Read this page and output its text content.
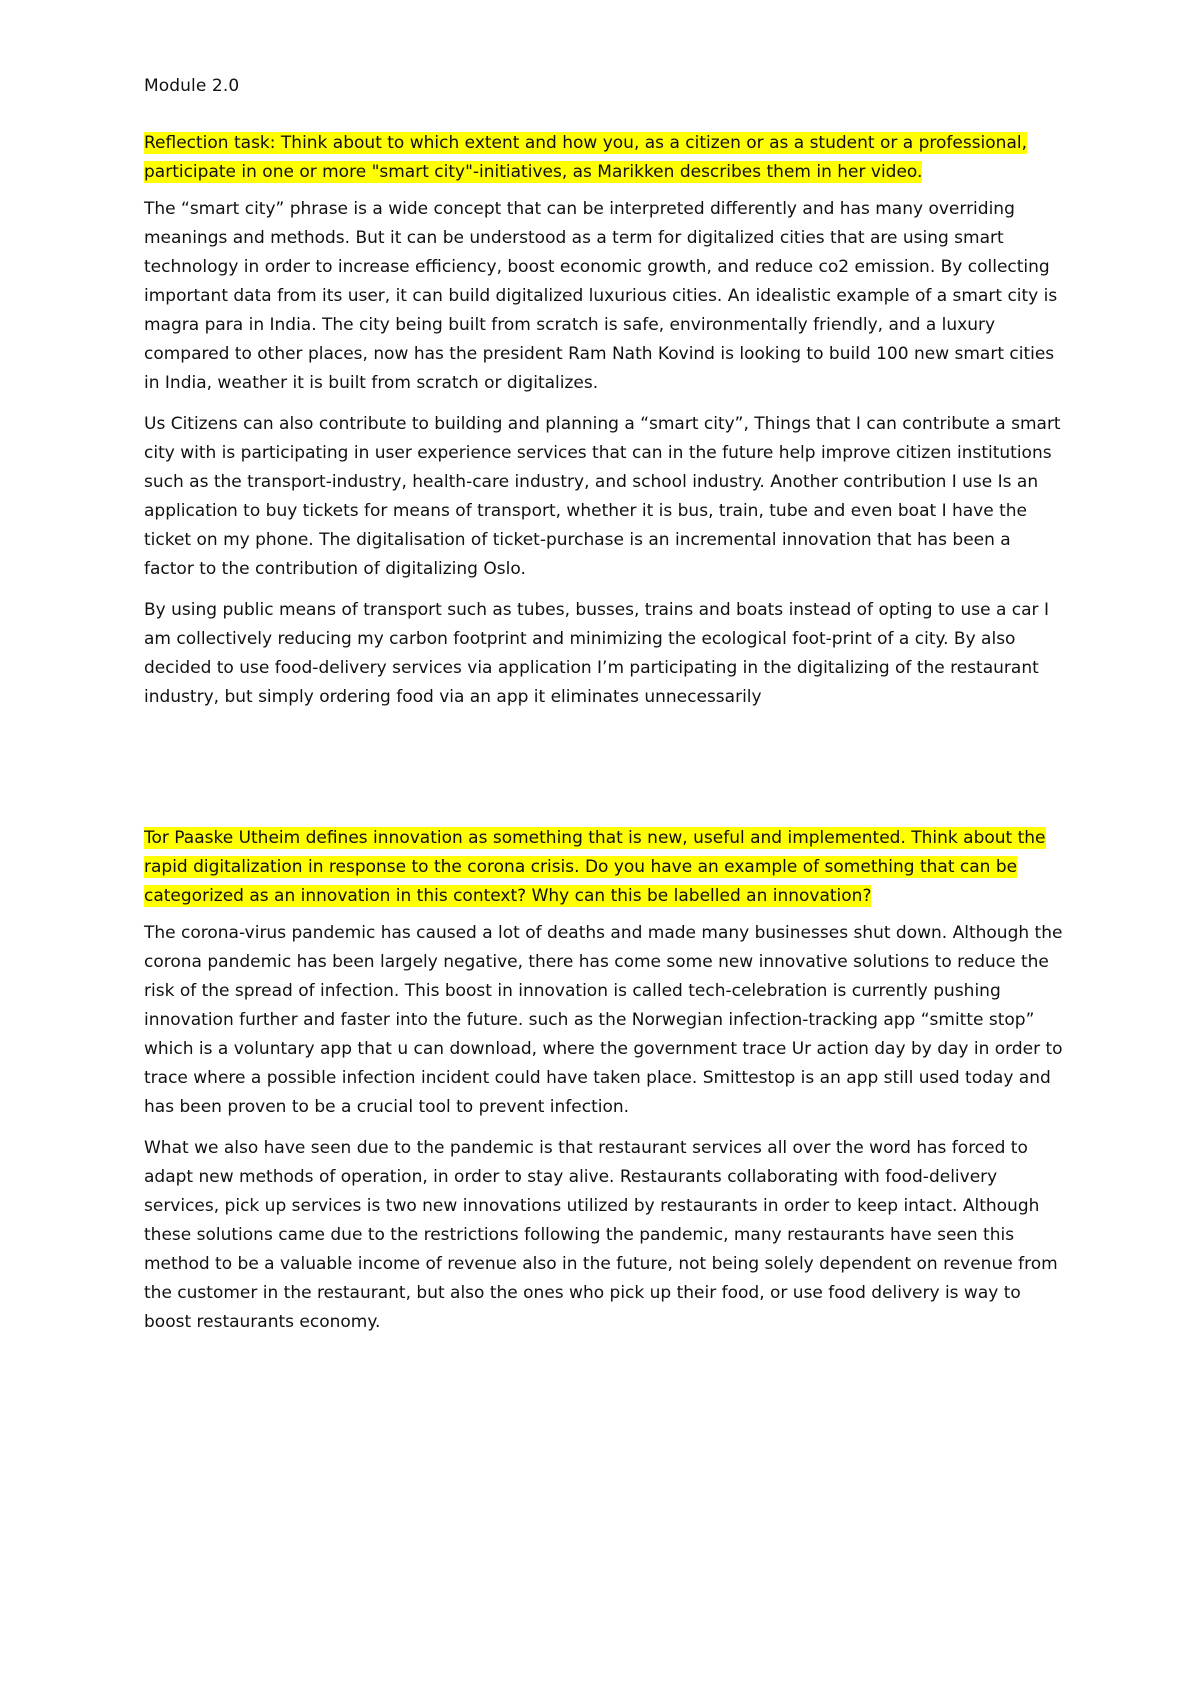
Module 2.0

Reflection task: Think about to which extent and how you, as a citizen or as a student or a professional, participate in one or more "smart city"-initiatives, as Marikken describes them in her video.

The “smart city” phrase is a wide concept that can be interpreted differently and has many overriding meanings and methods. But it can be understood as a term for digitalized cities that are using smart technology in order to increase efficiency, boost economic growth, and reduce co2 emission. By collecting important data from its user, it can build digitalized luxurious cities. An idealistic example of a smart city is magra para in India. The city being built from scratch is safe, environmentally friendly, and a luxury compared to other places, now has the president Ram Nath Kovind is looking to build 100 new smart cities in India, weather it is built from scratch or digitalizes.

Us Citizens can also contribute to building and planning a “smart city”, Things that I can contribute a smart city with is participating in user experience services that can in the future help improve citizen institutions such as the transport-industry, health-care industry, and school industry. Another contribution I use Is an application to buy tickets for means of transport, whether it is bus, train, tube and even boat I have the ticket on my phone. The digitalisation of ticket-purchase is an incremental innovation that has been a factor to the contribution of digitalizing Oslo.

By using public means of transport such as tubes, busses, trains and boats instead of opting to use a car I am collectively reducing my carbon footprint and minimizing the ecological foot-print of a city. By also decided to use food-delivery services via application I’m participating in the digitalizing of the restaurant industry, but simply ordering food via an app it eliminates unnecessarily

Tor Paaske Utheim defines innovation as something that is new, useful and implemented. Think about the rapid digitalization in response to the corona crisis. Do you have an example of something that can be categorized as an innovation in this context? Why can this be labelled an innovation?

The corona-virus pandemic has caused a lot of deaths and made many businesses shut down. Although the corona pandemic has been largely negative, there has come some new innovative solutions to reduce the risk of the spread of infection. This boost in innovation is called tech-celebration is currently pushing innovation further and faster into the future. such as the Norwegian infection-tracking app “smitte stop” which is a voluntary app that u can download, where the government trace Ur action day by day in order to trace where a possible infection incident could have taken place. Smittestop is an app still used today and has been proven to be a crucial tool to prevent infection.

What we also have seen due to the pandemic is that restaurant services all over the word has forced to adapt new methods of operation, in order to stay alive. Restaurants collaborating with food-delivery services, pick up services is two new innovations utilized by restaurants in order to keep intact. Although these solutions came due to the restrictions following the pandemic, many restaurants have seen this method to be a valuable income of revenue also in the future, not being solely dependent on revenue from the customer in the restaurant, but also the ones who pick up their food, or use food delivery is way to boost restaurants economy.
